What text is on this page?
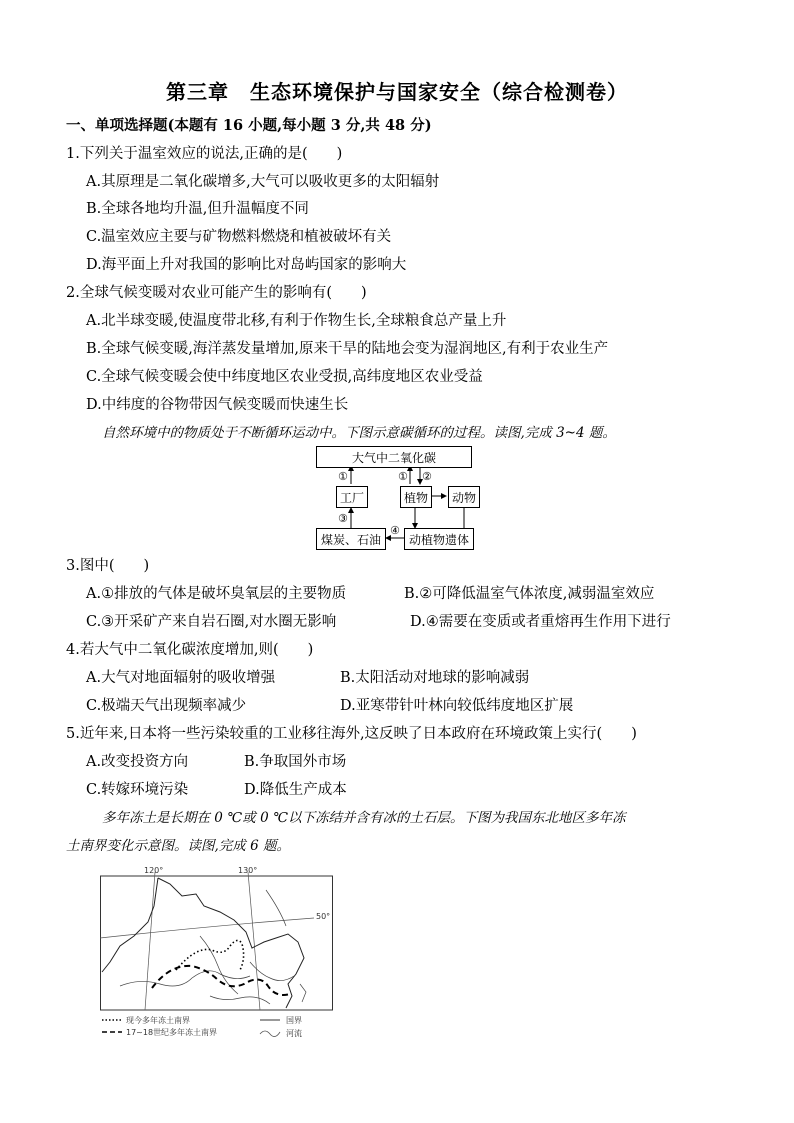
第三章　生态环境保护与国家安全（综合检测卷）
一、单项选择题(本题有 16 小题,每小题 3 分,共 48 分)
1.下列关于温室效应的说法,正确的是(　　)
A.其原理是二氧化碳增多,大气可以吸收更多的太阳辐射
B.全球各地均升温,但升温幅度不同
C.温室效应主要与矿物燃料燃烧和植被破坏有关
D.海平面上升对我国的影响比对岛屿国家的影响大
2.全球气候变暖对农业可能产生的影响有(　　)
A.北半球变暖,使温度带北移,有利于作物生长,全球粮食总产量上升
B.全球气候变暖,海洋蒸发量增加,原来干旱的陆地会变为湿润地区,有利于农业生产
C.全球气候变暖会使中纬度地区农业受损,高纬度地区农业受益
D.中纬度的谷物带因气候变暖而快速生长
自然环境中的物质处于不断循环运动中。下图示意碳循环的过程。读图,完成 3~4 题。
大气中二氧化碳
工厂	植物	动物
煤炭、石油	动植物遗体
①	① ②
③
④
3.图中(　　)
A.①排放的气体是破坏臭氧层的主要物质	B.②可降低温室气体浓度,减弱温室效应
C.③开采矿产来自岩石圈,对水圈无影响	D.④需要在变质或者重熔再生作用下进行
4.若大气中二氧化碳浓度增加,则(　　)
A.大气对地面辐射的吸收增强	B.太阳活动对地球的影响减弱
C.极端天气出现频率减少	D.亚寒带针叶林向较低纬度地区扩展
5.近年来,日本将一些污染较重的工业移往海外,这反映了日本政府在环境政策上实行(　　)
A.改变投资方向	B.争取国外市场
C.转嫁环境污染	D.降低生产成本
多年冻土是长期在 0 ℃或 0 ℃以下冻结并含有冰的土石层。下图为我国东北地区多年冻
土南界变化示意图。读图,完成 6 题。
120°	130°
50°
现今多年冻土南界
17~18世纪多年冻土南界
国界
河流
